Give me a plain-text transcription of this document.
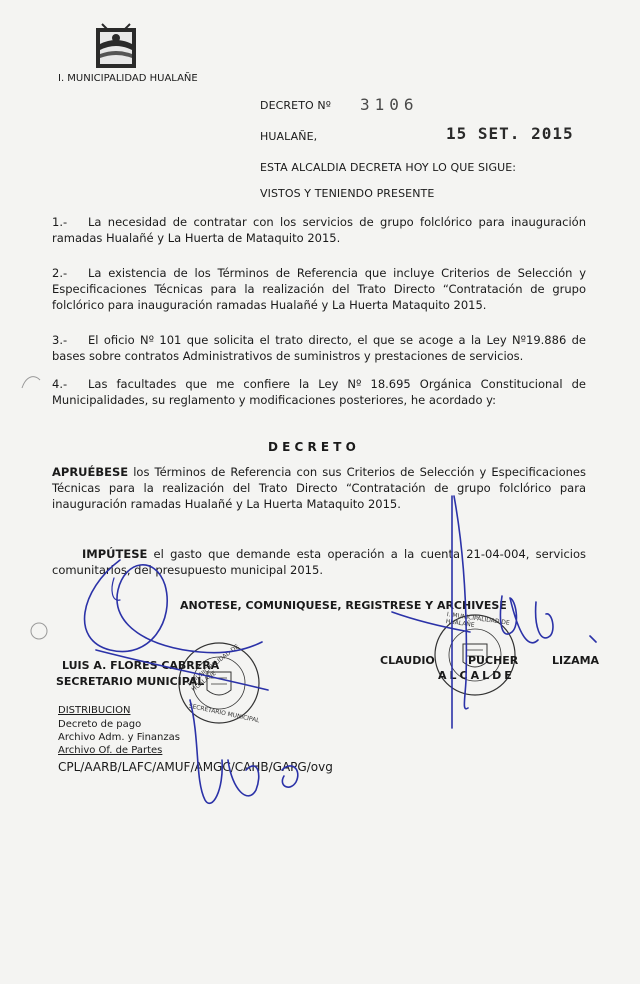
I. MUNICIPALIDAD HUALAÑE
DECRETO Nº 3106
HUALAÑE,	15 SET. 2015
ESTA ALCALDIA DECRETA HOY LO QUE SIGUE:
VISTOS Y TENIENDO PRESENTE
1.- La necesidad de contratar con los servicios de grupo folclórico para inauguración ramadas Hualañé y La Huerta de Mataquito 2015.
2.- La existencia de los Términos de Referencia que incluye Criterios de Selección y Especificaciones Técnicas para la realización del Trato Directo “Contratación de grupo folclórico para inauguración ramadas Hualañé y La Huerta Mataquito 2015.
3.- El oficio Nº 101 que solicita el trato directo, el que se acoge a la Ley Nº19.886 de bases sobre contratos Administrativos de suministros y prestaciones de servicios.
4.- Las facultades que me confiere la Ley Nº 18.695 Orgánica Constitucional de Municipalidades, su reglamento y modificaciones posteriores, he acordado y:
D E C R E T O
APRUÉBESE los Términos de Referencia con sus Criterios de Selección y Especificaciones Técnicas para la realización del Trato Directo “Contratación de grupo folclórico para inauguración ramadas Hualañé y La Huerta Mataquito 2015.
IMPÚTESE el gasto que demande esta operación a la cuenta 21-04-004, servicios comunitarios, del presupuesto municipal 2015.
ANOTESE, COMUNIQUESE, REGISTRESE Y ARCHIVESE
I. MUNICIPALIDAD DE HUALAÑE
SECRETARIO MUNICIPAL
I. MUNICIPALIDAD DE HUALAÑE
LUIS A. FLORES CABRERA
SECRETARIO MUNICIPAL
CLAUDIO	PUCHER	LIZAMA
ALCALDE
DISTRIBUCION
Decreto de pago
Archivo Adm. y Finanzas
Archivo Of. de Partes
CPL/AARB/LAFC/AMUF/AMGC/CAHB/GAPG/ovg
